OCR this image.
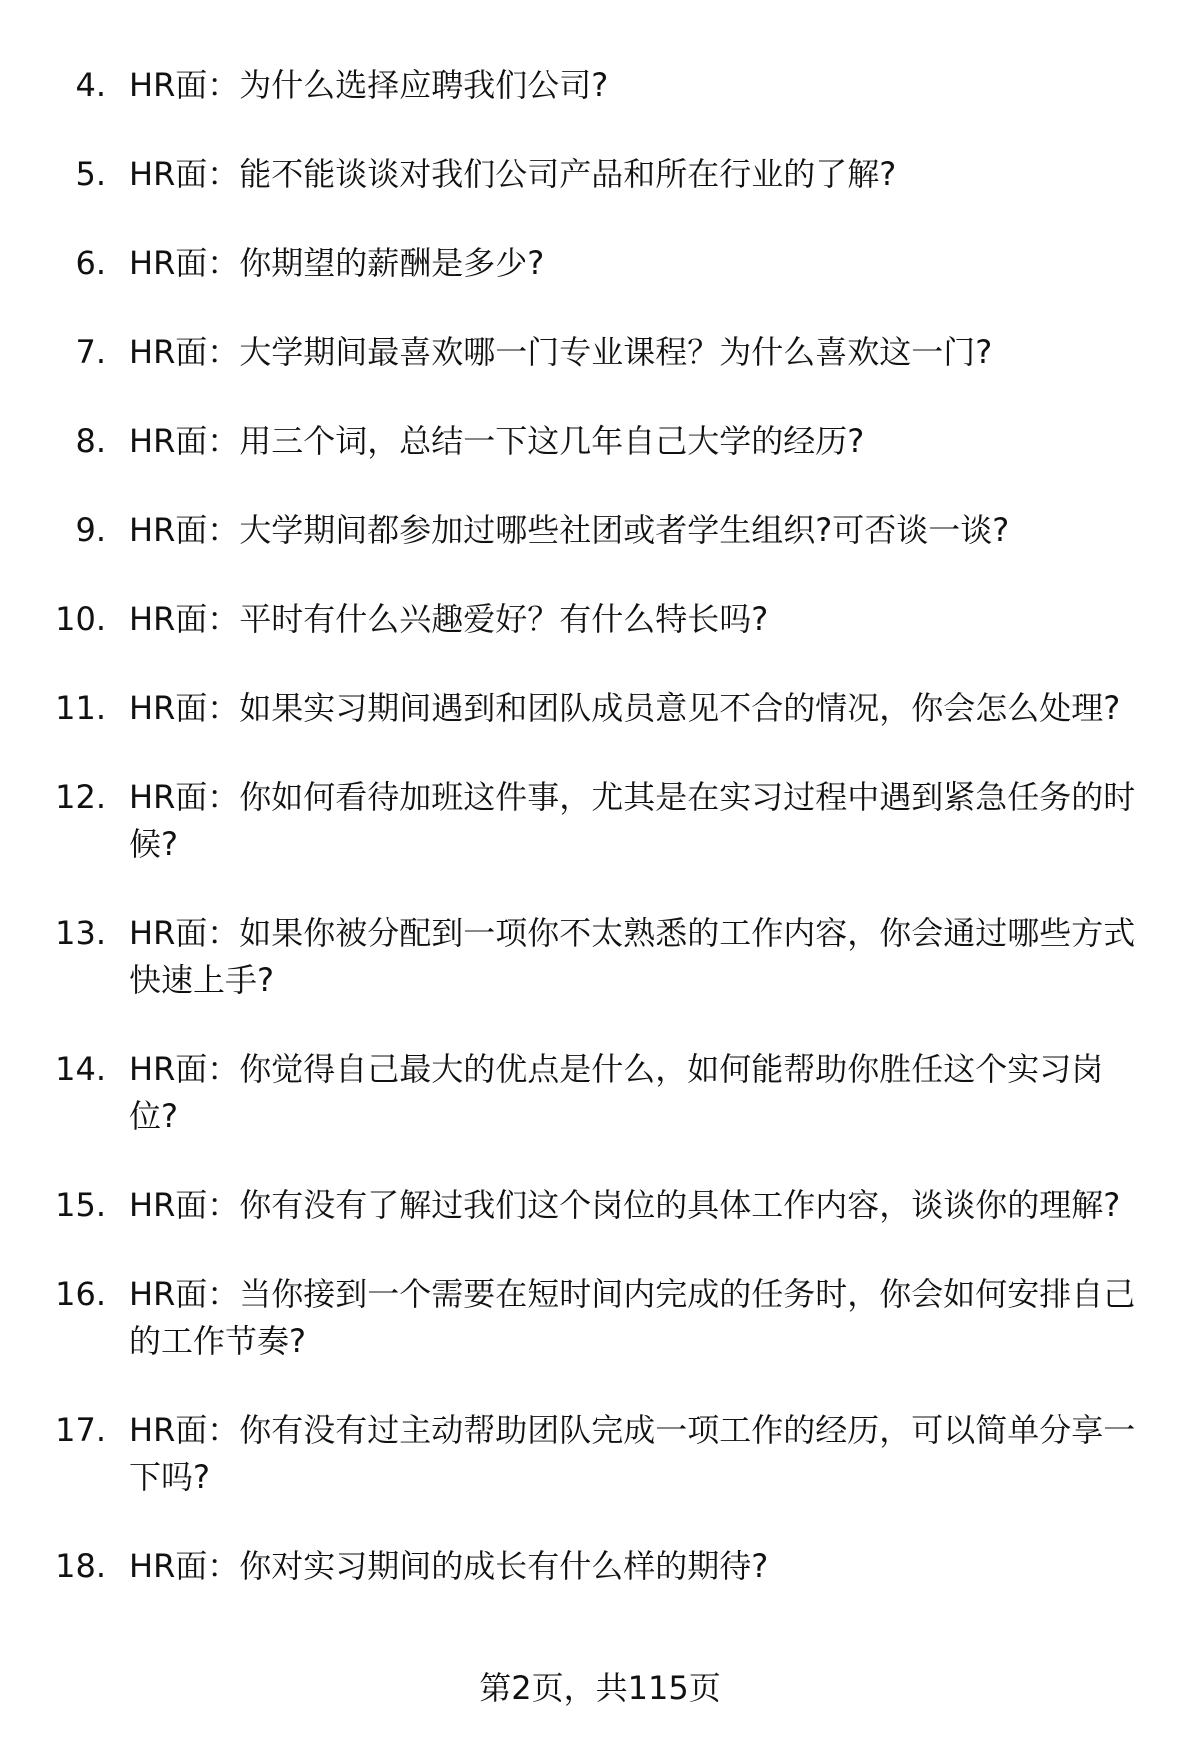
4. HR面：为什么选择应聘我们公司?
5. HR面：能不能谈谈对我们公司产品和所在行业的了解?
6. HR面：你期望的薪酬是多少?
7. HR面：大学期间最喜欢哪一门专业课程？为什么喜欢这一门?
8. HR面：用三个词，总结一下这几年自己大学的经历?
9. HR面：大学期间都参加过哪些社团或者学生组织?可否谈一谈?
10. HR面：平时有什么兴趣爱好？有什么特长吗?
11. HR面：如果实习期间遇到和团队成员意见不合的情况，你会怎么处理?
12. HR面：你如何看待加班这件事，尤其是在实习过程中遇到紧急任务的时候?
13. HR面：如果你被分配到一项你不太熟悉的工作内容，你会通过哪些方式快速上手?
14. HR面：你觉得自己最大的优点是什么，如何能帮助你胜任这个实习岗位?
15. HR面：你有没有了解过我们这个岗位的具体工作内容，谈谈你的理解?
16. HR面：当你接到一个需要在短时间内完成的任务时，你会如何安排自己的工作节奏?
17. HR面：你有没有过主动帮助团队完成一项工作的经历，可以简单分享一下吗?
18. HR面：你对实习期间的成长有什么样的期待?
第2页，共115页
